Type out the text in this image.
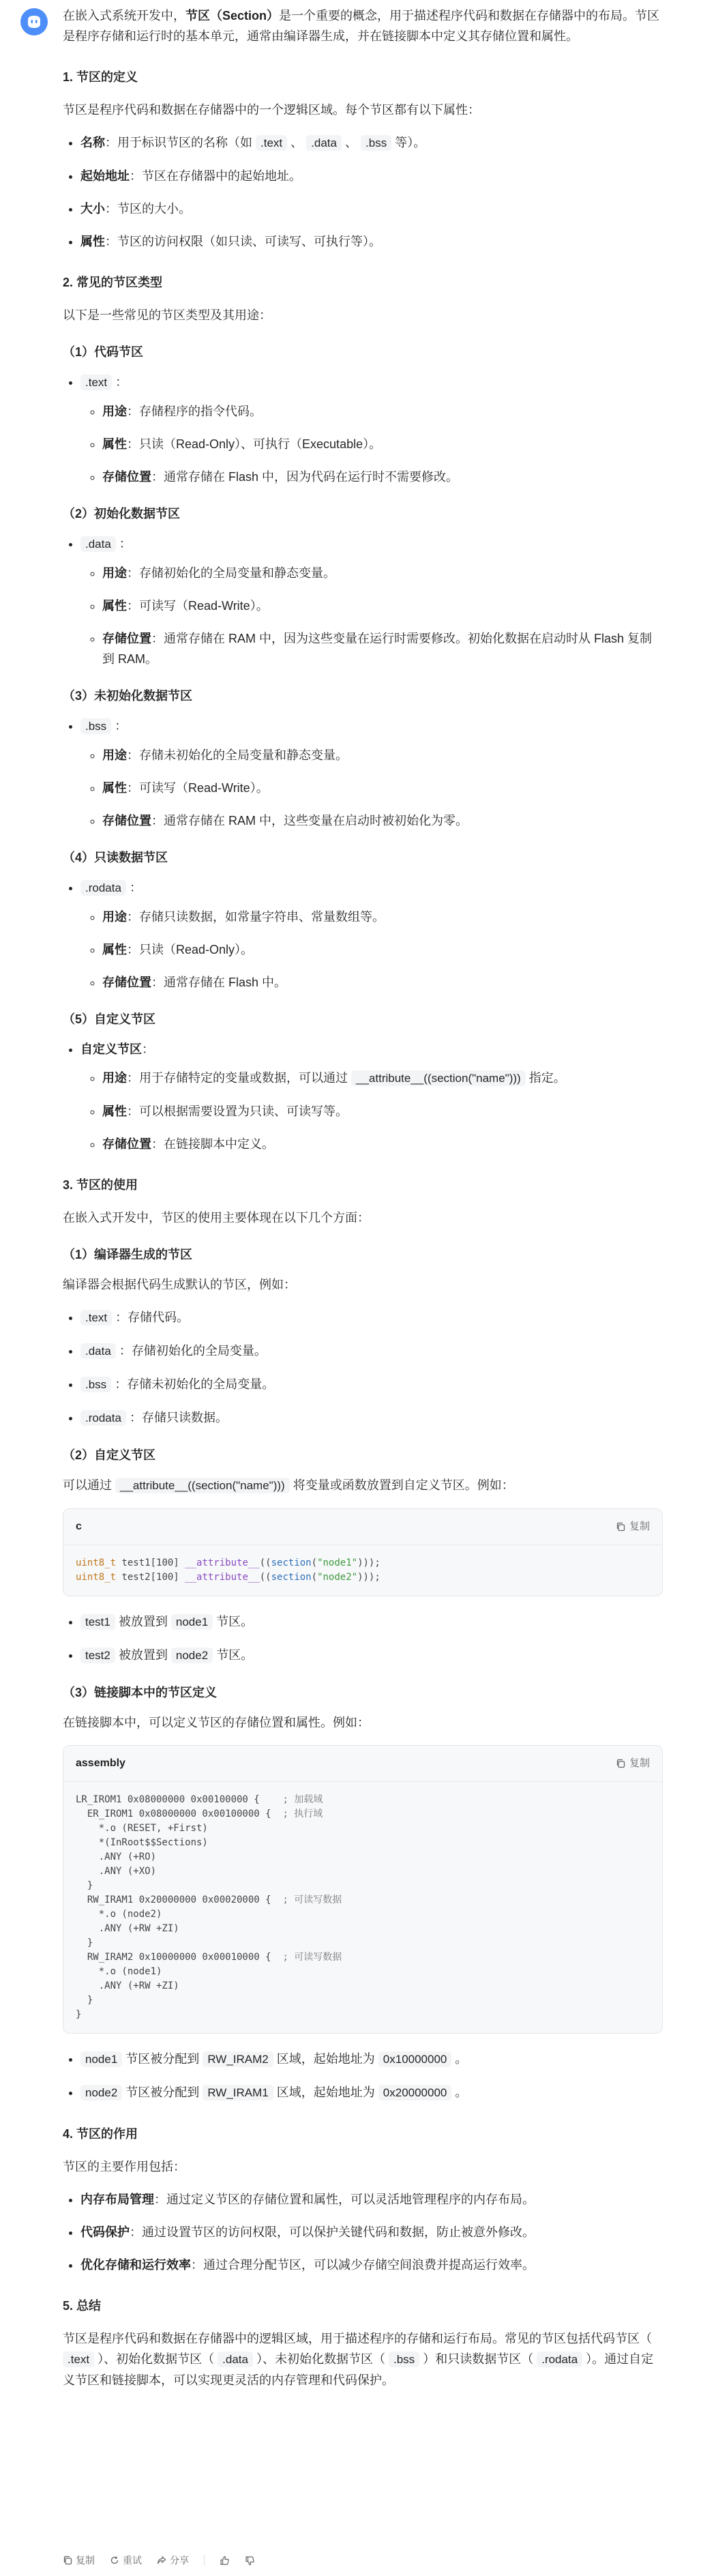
在嵌入式系统开发中，节区（Section）是一个重要的概念，用于描述程序代码和数据在存储器中的布局。节区是程序存储和运行时的基本单元，通常由编译器生成，并在链接脚本中定义其存储位置和属性。

1. 节区的定义

节区是程序代码和数据在存储器中的一个逻辑区域。每个节区都有以下属性：

• 名称：用于标识节区的名称（如 .text 、 .data 、 .bss 等）。
• 起始地址：节区在存储器中的起始地址。
• 大小：节区的大小。
• 属性：节区的访问权限（如只读、可读写、可执行等）。
2. 常见的节区类型

以下是一些常见的节区类型及其用途：

（1）代码节区
• .text ：
◦ 用途：存储程序的指令代码。
◦ 属性：只读（Read-Only）、可执行（Executable）。
◦ 存储位置：通常存储在 Flash 中，因为代码在运行时不需要修改。
（2）初始化数据节区
• .data ：
◦ 用途：存储初始化的全局变量和静态变量。
◦ 属性：可读写（Read-Write）。
◦ 存储位置：通常存储在 RAM 中，因为这些变量在运行时需要修改。初始化数据在启动时从 Flash 复制到 RAM。
（3）未初始化数据节区
• .bss ：
◦ 用途：存储未初始化的全局变量和静态变量。
◦ 属性：可读写（Read-Write）。
◦ 存储位置：通常存储在 RAM 中，这些变量在启动时被初始化为零。
（4）只读数据节区
• .rodata ：
◦ 用途：存储只读数据，如常量字符串、常量数组等。
◦ 属性：只读（Read-Only）。
◦ 存储位置：通常存储在 Flash 中。
（5）自定义节区
• 自定义节区：
◦ 用途：用于存储特定的变量或数据，可以通过 __attribute__((section("name"))) 指定。
◦ 属性：可以根据需要设置为只读、可读写等。
◦ 存储位置：在链接脚本中定义。
3. 节区的使用

在嵌入式开发中，节区的使用主要体现在以下几个方面：

（1）编译器生成的节区

编译器会根据代码生成默认的节区，例如：

• .text ：存储代码。
• .data ：存储初始化的全局变量。
• .bss ：存储未初始化的全局变量。
• .rodata ：存储只读数据。
（2）自定义节区

可以通过 __attribute__((section("name"))) 将变量或函数放置到自定义节区。例如：

c	复制
uint8_t test1[100] __attribute__((section("node1")));
uint8_t test2[100] __attribute__((section("node2")));
• test1 被放置到 node1 节区。
• test2 被放置到 node2 节区。
（3）链接脚本中的节区定义

在链接脚本中，可以定义节区的存储位置和属性。例如：

assembly	复制
LR_IROM1 0x08000000 0x00100000 {    ; 加载域
ER_IROM1 0x08000000 0x00100000 {  ; 执行域
*.o (RESET, +First)
*(InRoot$$Sections)
.ANY (+RO)
.ANY (+XO)
}
RW_IRAM1 0x20000000 0x00020000 {  ; 可读写数据
*.o (node2)
.ANY (+RW +ZI)
}
RW_IRAM2 0x10000000 0x00010000 {  ; 可读写数据
*.o (node1)
.ANY (+RW +ZI)
}
}
• node1 节区被分配到 RW_IRAM2 区域，起始地址为 0x10000000 。
• node2 节区被分配到 RW_IRAM1 区域，起始地址为 0x20000000 。
4. 节区的作用

节区的主要作用包括：

• 内存布局管理：通过定义节区的存储位置和属性，可以灵活地管理程序的内存布局。
• 代码保护：通过设置节区的访问权限，可以保护关键代码和数据，防止被意外修改。
• 优化存储和运行效率：通过合理分配节区，可以减少存储空间浪费并提高运行效率。
5. 总结

节区是程序代码和数据在存储器中的逻辑区域，用于描述程序的存储和运行布局。常见的节区包括代码节区（ .text ）、初始化数据节区（ .data ）、未初始化数据节区（ .bss ）和只读数据节区（ .rodata ）。通过自定义节区和链接脚本，可以实现更灵活的内存管理和代码保护。

复制	重试	分享
